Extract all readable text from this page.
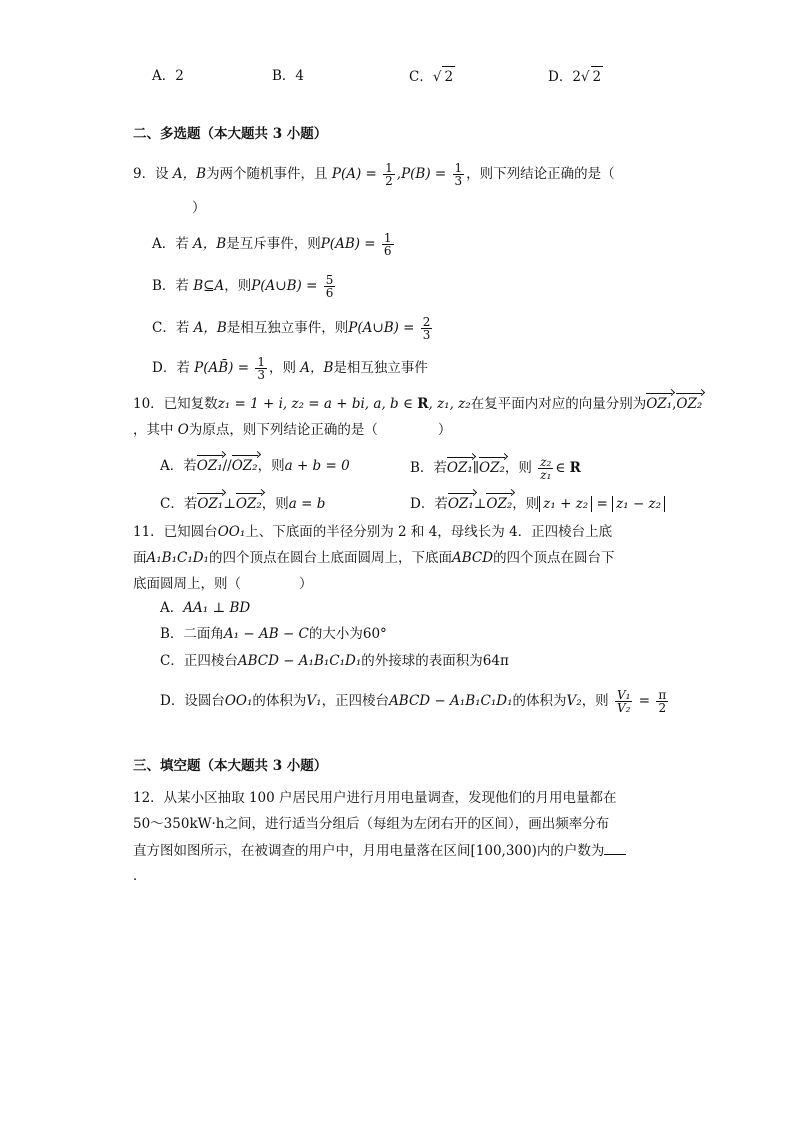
A．2	B．4	C．√ 2	D．2√ 2
二、多选题（本大题共 3 小题）
9．设 A，B为两个随机事件，且 $P(A) = \frac{1}{2} ,P(B) = \frac{1}{3}$ ，则下列结论正确的是（
）
A．若 A，B是互斥事件，则$P(AB) = \frac{1}{6}$
B．若 B⊆A，则P(A∪B) = $\frac{5}{6}$
C．若 A，B是相互独立事件，则P(A∪B) = $\frac{2}{3}$
D．若 P(AB̄) = $\frac{1}{3}$ ，则 A，B是相互独立事件
10．已知复数z₁ = 1 + i, z₂ = a + bi, a, b ∈ R, z₁, z₂在复平面内对应的向量分别为OZ₁,OZ₂
，其中 O为原点，则下列结论正确的是（	）
A．若OZ₁//OZ₂，则a + b = 0	B．若OZ₁∥OZ₂，则 $\frac{\text{z₂}}{\text{z₁}}$ ∈ R
C．若OZ₁⊥OZ₂，则a = b	D．若OZ₁⊥OZ₂，则 z₁ + z₂ = z₁ − z₂
11．已知圆台OO₁上、下底面的半径分别为 2 和 4，母线长为 4．正四棱台上底
面A₁B₁C₁D₁的四个顶点在圆台上底面圆周上，下底面ABCD的四个顶点在圆台下
底面圆周上，则（	）
A．AA₁ ⊥ BD
B．二面角A₁ − AB − C的大小为60°
C．正四棱台ABCD − A₁B₁C₁D₁的外接球的表面积为64π
D．设圆台OO₁的体积为V₁，正四棱台ABCD − A₁B₁C₁D₁的体积为V₂，则 $\frac{\text{V₁}}{\text{V₂}} = \frac{\pi}{2}$
三、填空题（本大题共 3 小题）
12．从某小区抽取 100 户居民用户进行月用电量调查，发现他们的月用电量都在
50～350kW·h之间，进行适当分组后（每组为左闭右开的区间），画出频率分布
直方图如图所示，在被调查的用户中，月用电量落在区间[100,300)内的户数为
．
